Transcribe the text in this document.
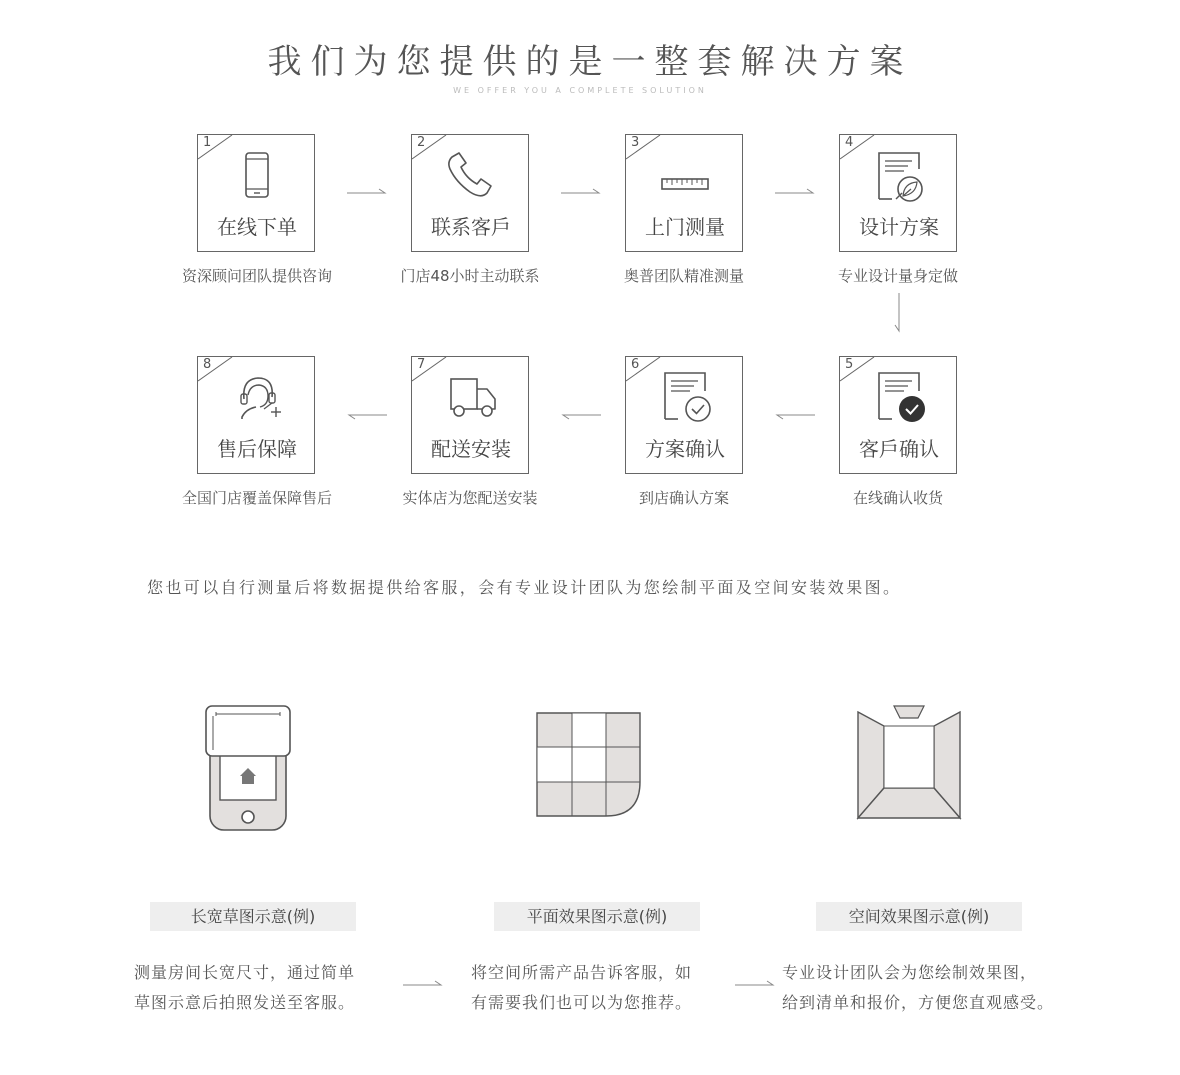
我们为您提供的是一整套解决方案
WE OFFER YOU A COMPLETE SOLUTION
1
在线下单
资深顾问团队提供咨询
2
联系客戶
门店48小时主动联系
3
上门测量
奥普团队精准测量
4
设计方案
专业设计量身定做
5
客戶确认
在线确认收货
6
方案确认
到店确认方案
7
配送安装
实体店为您配送安装
8
售后保障
全国门店覆盖保障售后
您也可以自行测量后将数据提供给客服，会有专业设计团队为您绘制平面及空间安装效果图。
长宽草图示意(例)	平面效果图示意(例)	空间效果图示意(例)
测量房间长宽尺寸，通过简单
草图示意后拍照发送至客服。
将空间所需产品告诉客服，如
有需要我们也可以为您推荐。
专业设计团队会为您绘制效果图，
给到清单和报价，方便您直观感受。
